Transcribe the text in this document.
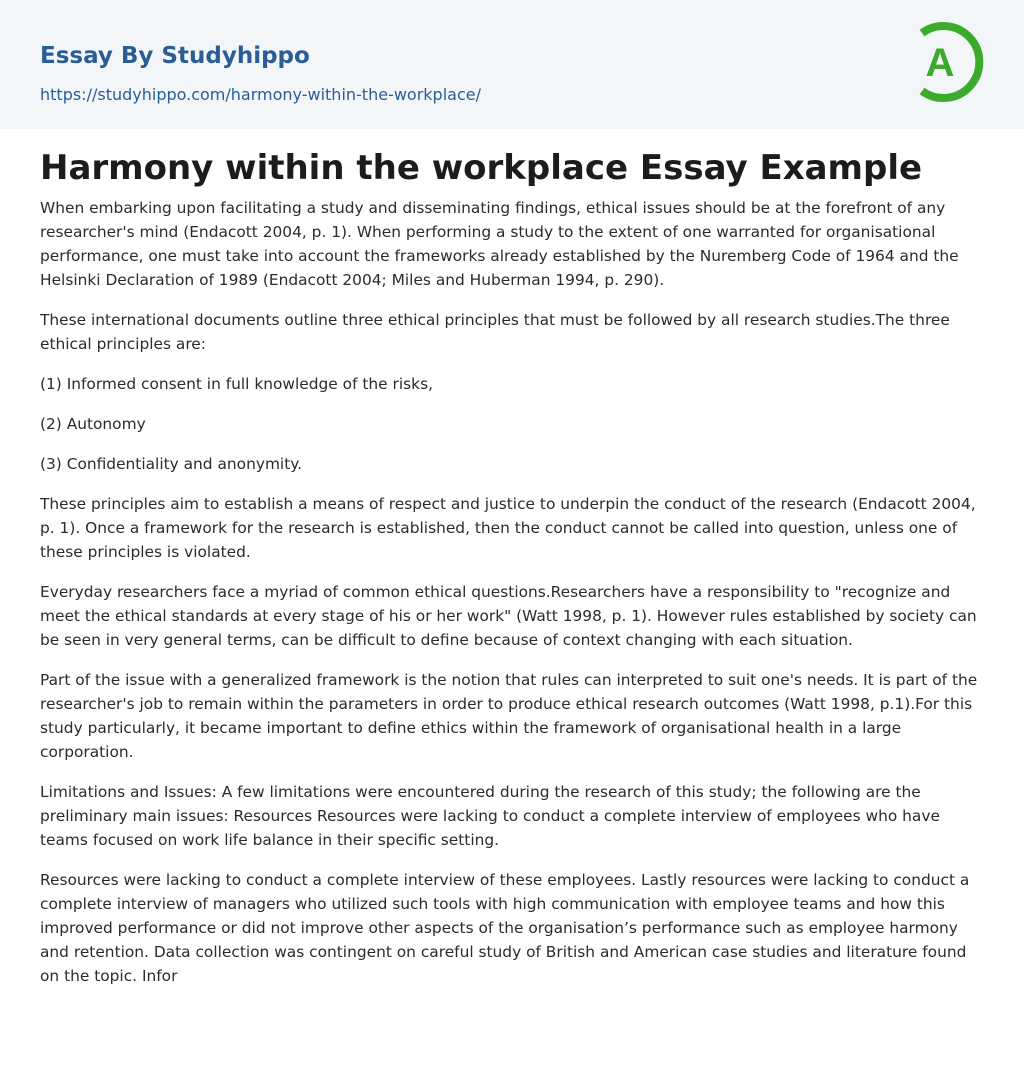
Essay By Studyhippo
https://studyhippo.com/harmony-within-the-workplace/
A
Harmony within the workplace Essay Example

When embarking upon facilitating a study and disseminating findings, ethical issues should be at the forefront of any researcher's mind (Endacott 2004, p. 1). When performing a study to the extent of one warranted for organisational performance, one must take into account the frameworks already established by the Nuremberg Code of 1964 and the Helsinki Declaration of 1989 (Endacott 2004; Miles and Huberman 1994, p. 290).

These international documents outline three ethical principles that must be followed by all research studies.The three ethical principles are:

(1) Informed consent in full knowledge of the risks,

(2) Autonomy

(3) Confidentiality and anonymity.

These principles aim to establish a means of respect and justice to underpin the conduct of the research (Endacott 2004, p. 1). Once a framework for the research is established, then the conduct cannot be called into question, unless one of these principles is violated.

Everyday researchers face a myriad of common ethical questions.Researchers have a responsibility to "recognize and meet the ethical standards at every stage of his or her work" (Watt 1998, p. 1). However rules established by society can be seen in very general terms, can be difficult to define because of context changing with each situation.

Part of the issue with a generalized framework is the notion that rules can interpreted to suit one's needs. It is part of the researcher's job to remain within the parameters in order to produce ethical research outcomes (Watt 1998, p.1).For this study particularly, it became important to define ethics within the framework of organisational health in a large corporation.

Limitations and Issues: A few limitations were encountered during the research of this study; the following are the preliminary main issues: Resources Resources were lacking to conduct a complete interview of employees who have teams focused on work life balance in their specific setting.

Resources were lacking to conduct a complete interview of these employees. Lastly resources were lacking to conduct a complete interview of managers who utilized such tools with high communication with employee teams and how this improved performance or did not improve other aspects of the organisation’s performance such as employee harmony and retention. Data collection was contingent on careful study of British and American case studies and literature found on the topic. Infor
